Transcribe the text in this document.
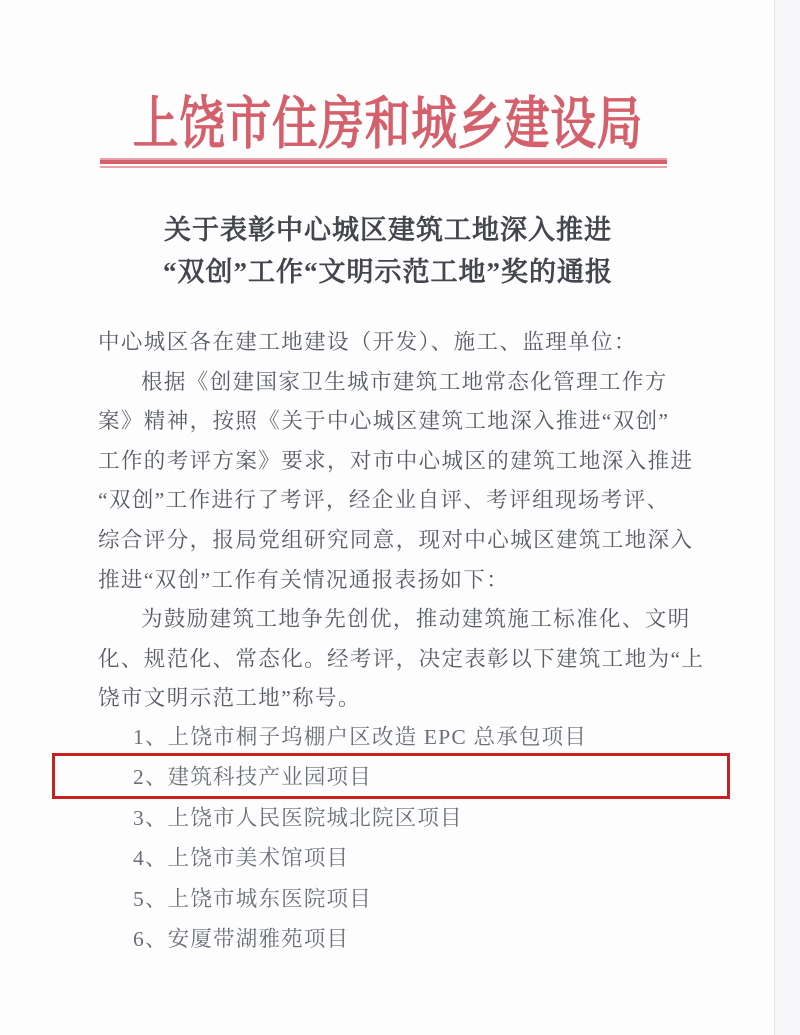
上饶市住房和城乡建设局
关于表彰中心城区建筑工地深入推进
“双创”工作“文明示范工地”奖的通报
中心城区各在建工地建设（开发）、施工、监理单位：
根据《创建国家卫生城市建筑工地常态化管理工作方
案》精神，按照《关于中心城区建筑工地深入推进“双创”
工作的考评方案》要求，对市中心城区的建筑工地深入推进
“双创”工作进行了考评，经企业自评、考评组现场考评、
综合评分，报局党组研究同意，现对中心城区建筑工地深入
推进“双创”工作有关情况通报表扬如下：
为鼓励建筑工地争先创优，推动建筑施工标准化、文明
化、规范化、常态化。经考评，决定表彰以下建筑工地为“上
饶市文明示范工地”称号。
1、上饶市桐子坞棚户区改造 EPC 总承包项目
2、建筑科技产业园项目
3、上饶市人民医院城北院区项目
4、上饶市美术馆项目
5、上饶市城东医院项目
6、安厦带湖雅苑项目
